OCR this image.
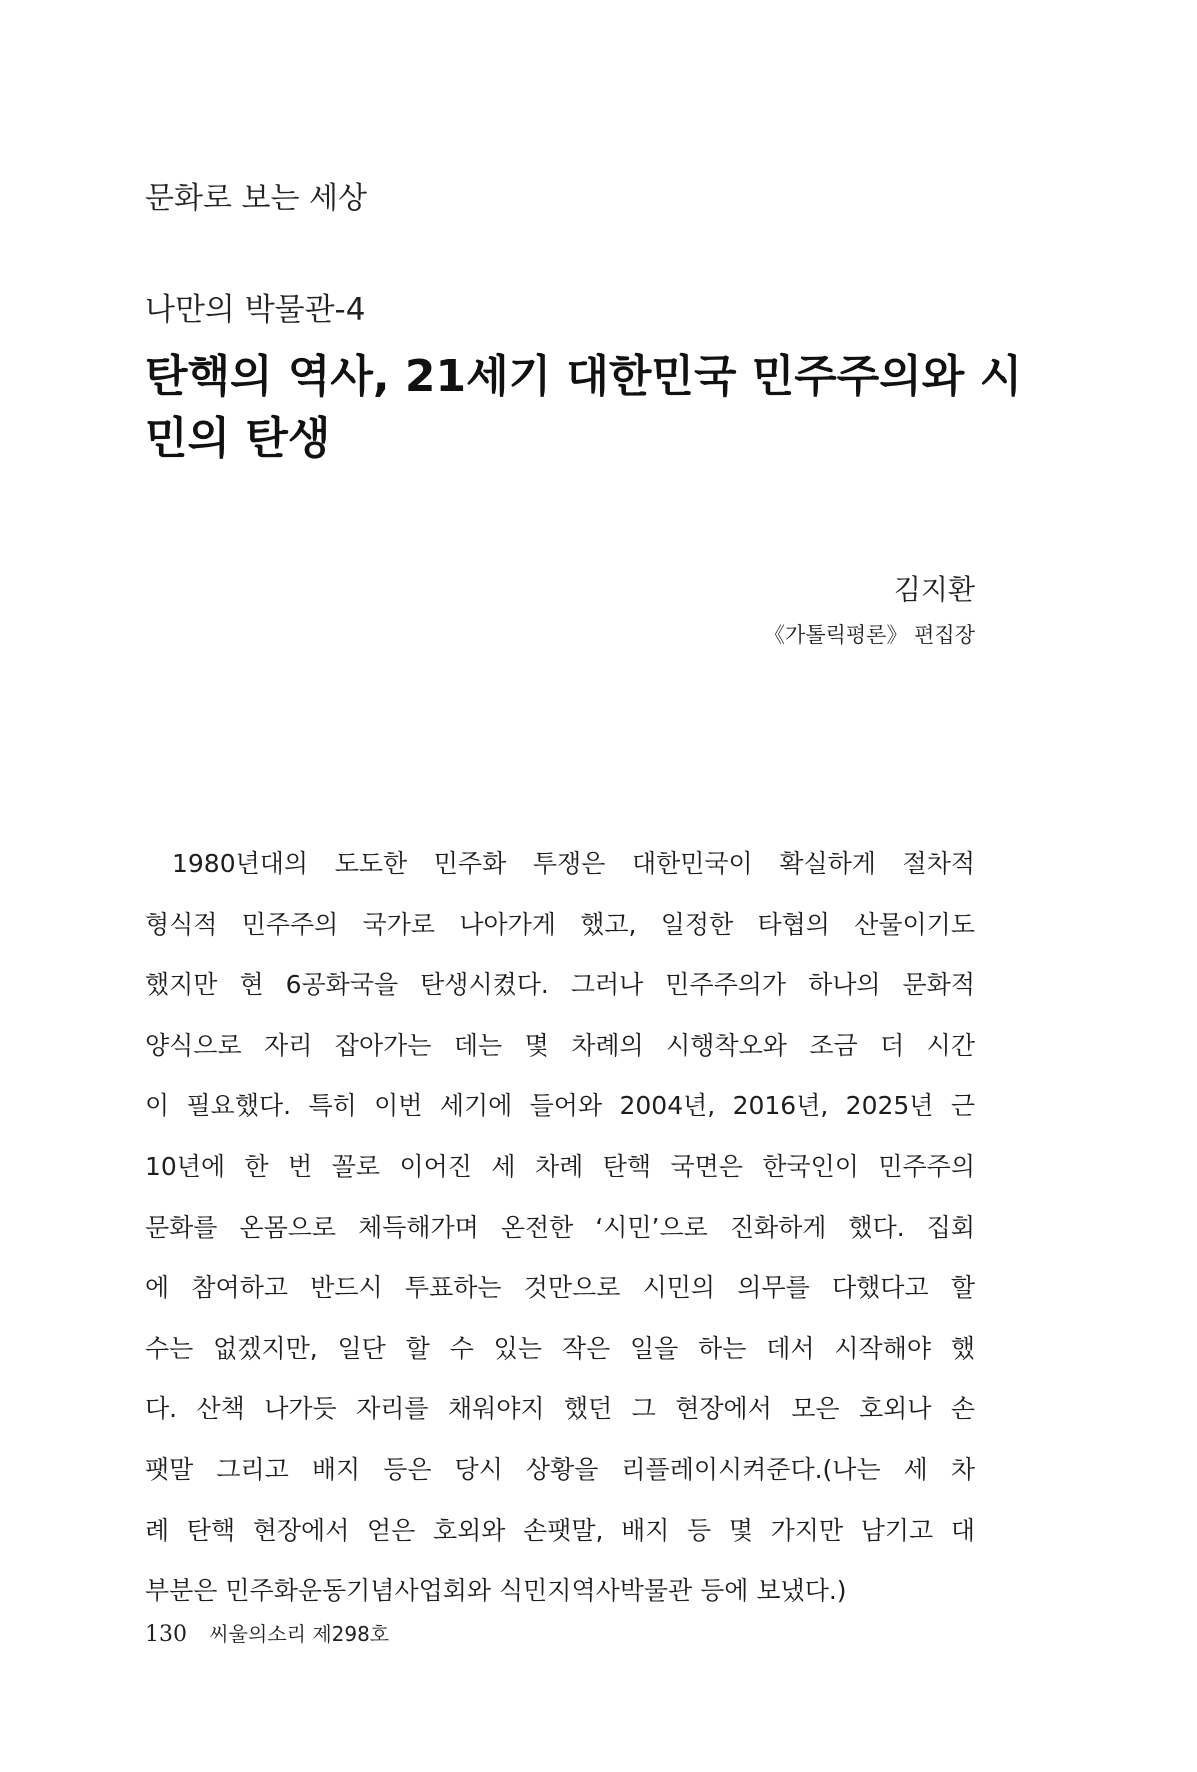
문화로 보는 세상
나만의 박물관-4
탄핵의 역사, 21세기 대한민국 민주주의와 시
민의 탄생
김지환
《가톨릭평론》 편집장
1980년대의 도도한 민주화 투쟁은 대한민국이 확실하게 절차적
형식적 민주주의 국가로 나아가게 했고, 일정한 타협의 산물이기도
했지만 현 6공화국을 탄생시켰다. 그러나 민주주의가 하나의 문화적
양식으로 자리 잡아가는 데는 몇 차례의 시행착오와 조금 더 시간
이 필요했다. 특히 이번 세기에 들어와 2004년, 2016년, 2025년 근
10년에 한 번 꼴로 이어진 세 차례 탄핵 국면은 한국인이 민주주의
문화를 온몸으로 체득해가며 온전한 ‘시민’으로 진화하게 했다. 집회
에 참여하고 반드시 투표하는 것만으로 시민의 의무를 다했다고 할
수는 없겠지만, 일단 할 수 있는 작은 일을 하는 데서 시작해야 했
다. 산책 나가듯 자리를 채워야지 했던 그 현장에서 모은 호외나 손
팻말 그리고 배지 등은 당시 상황을 리플레이시켜준다.(나는 세 차
례 탄핵 현장에서 얻은 호외와 손팻말, 배지 등 몇 가지만 남기고 대
부분은 민주화운동기념사업회와 식민지역사박물관 등에 보냈다.)
130 씨울의소리 제298호
